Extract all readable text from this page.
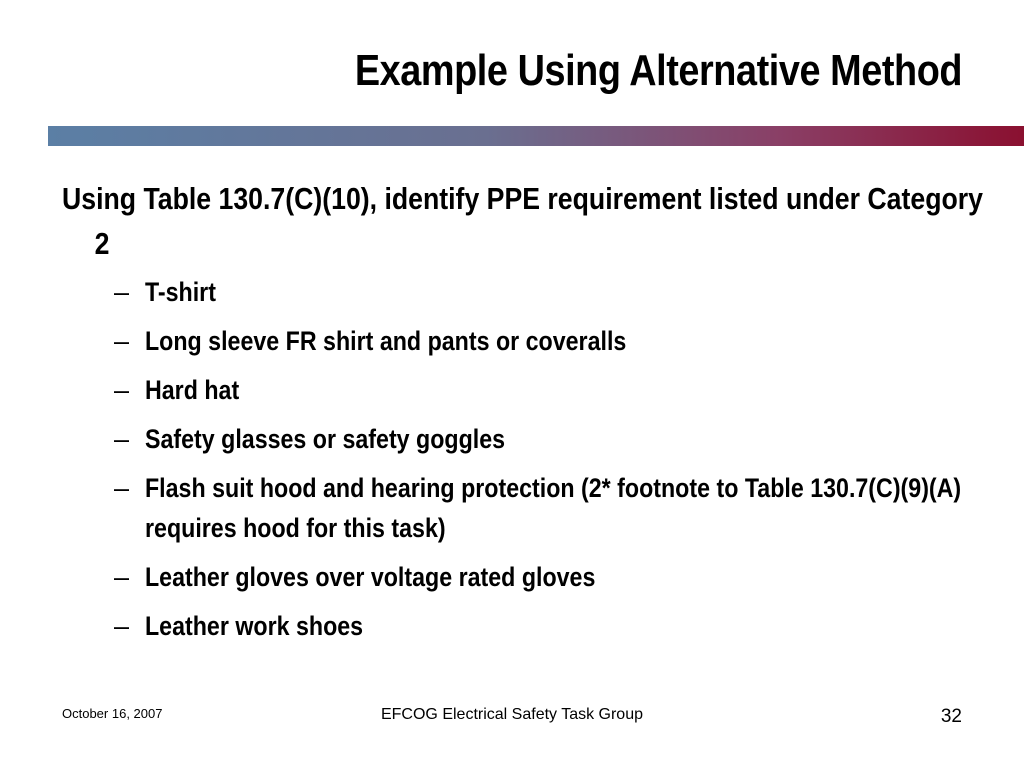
Example Using Alternative Method
Using Table 130.7(C)(10), identify PPE requirement listed under Category 2
– T-shirt
– Long sleeve FR shirt and pants or coveralls
– Hard hat
– Safety glasses or safety goggles
– Flash suit hood and hearing protection (2* footnote to Table 130.7(C)(9)(A) requires hood for this task)
– Leather gloves over voltage rated gloves
– Leather work shoes
October 16, 2007	EFCOG Electrical Safety Task Group	32
